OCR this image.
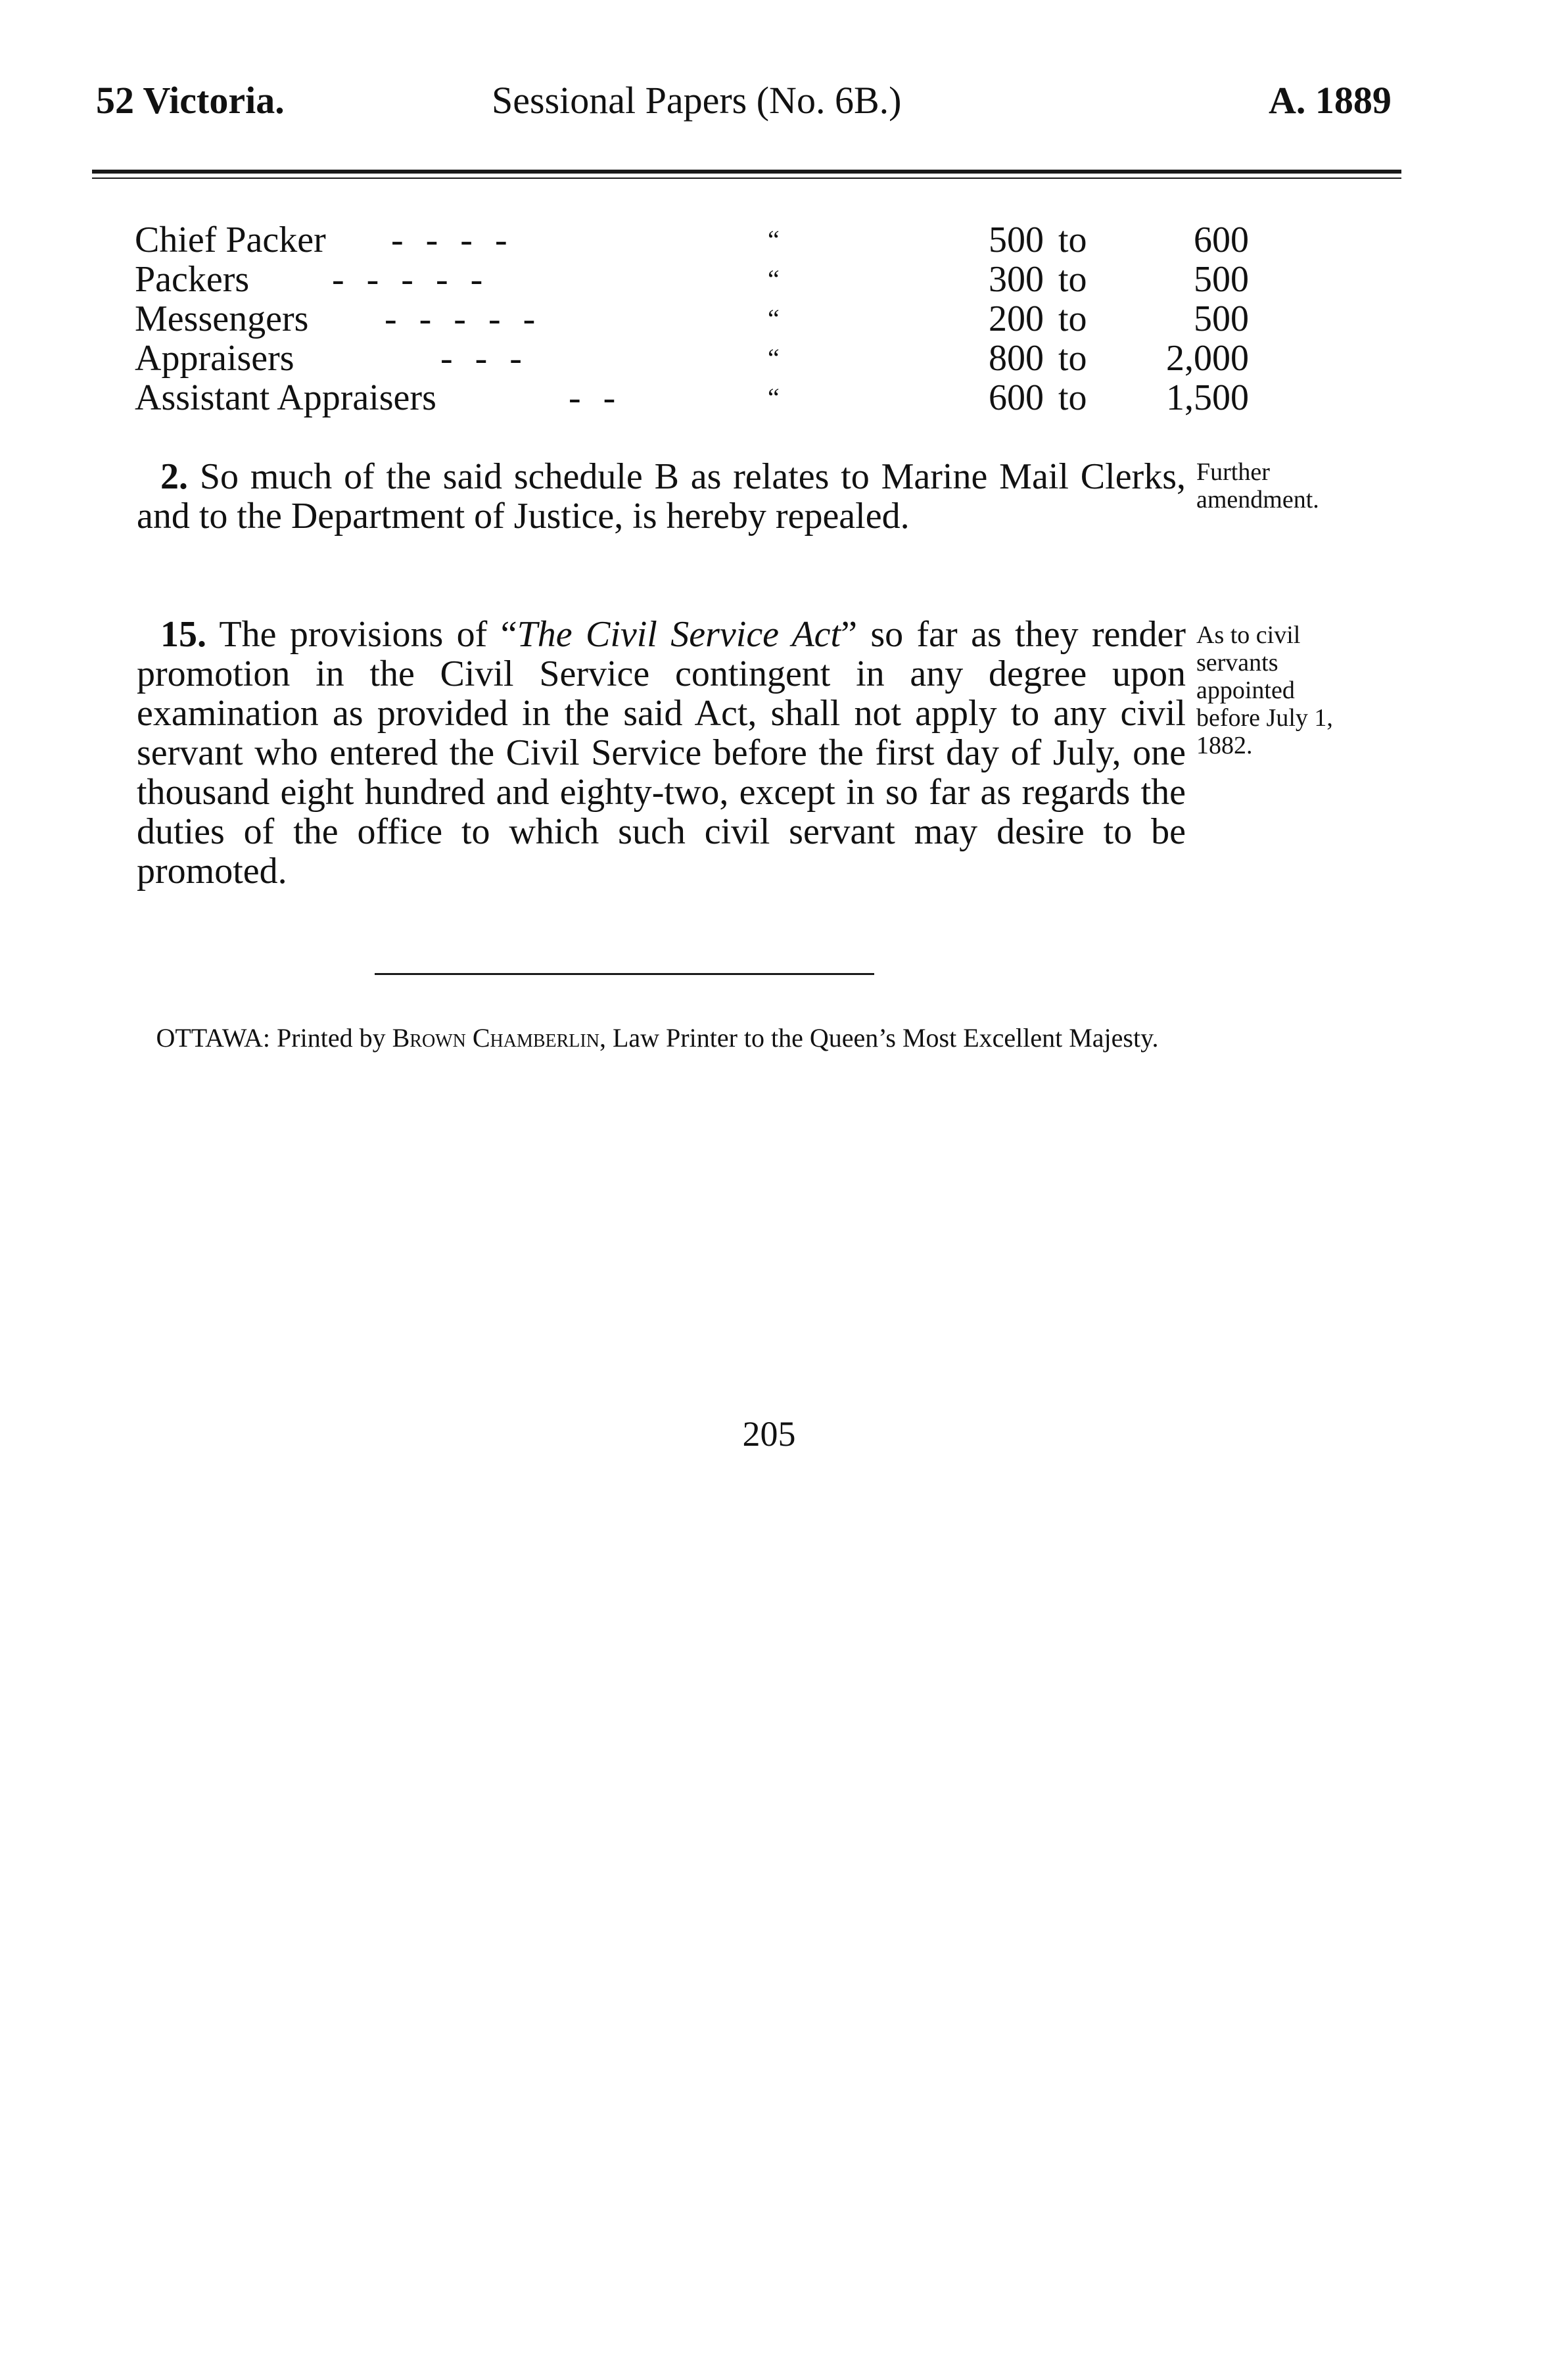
52 Victoria.	Sessional Papers (No. 6B.)	A. 1889
Chief Packer -  -  -  -	“	500 to	600
Packers -  -  -  -  -	“	300 to	500
Messengers -  -  -  -  -	“	200 to	500
Appraisers	-  -  -	“	800 to	2,000
Assistant Appraisers	-  -	“	600 to	1,500
2. So much of the said schedule B as relates to Marine Mail Clerks, and to the Department of Justice, is hereby repealed.
Further amendment.
15. The provisions of “The Civil Service Act” so far as they render promotion in the Civil Service contingent in any degree upon examination as provided in the said Act, shall not apply to any civil servant who entered the Civil Service before the first day of July, one thousand eight hundred and eighty-two, except in so far as regards the duties of the office to which such civil servant may desire to be promoted.
As to civil servants appointed before July 1, 1882.
OTTAWA: Printed by Brown Chamberlin, Law Printer to the Queen’s Most Excellent Majesty.
205
